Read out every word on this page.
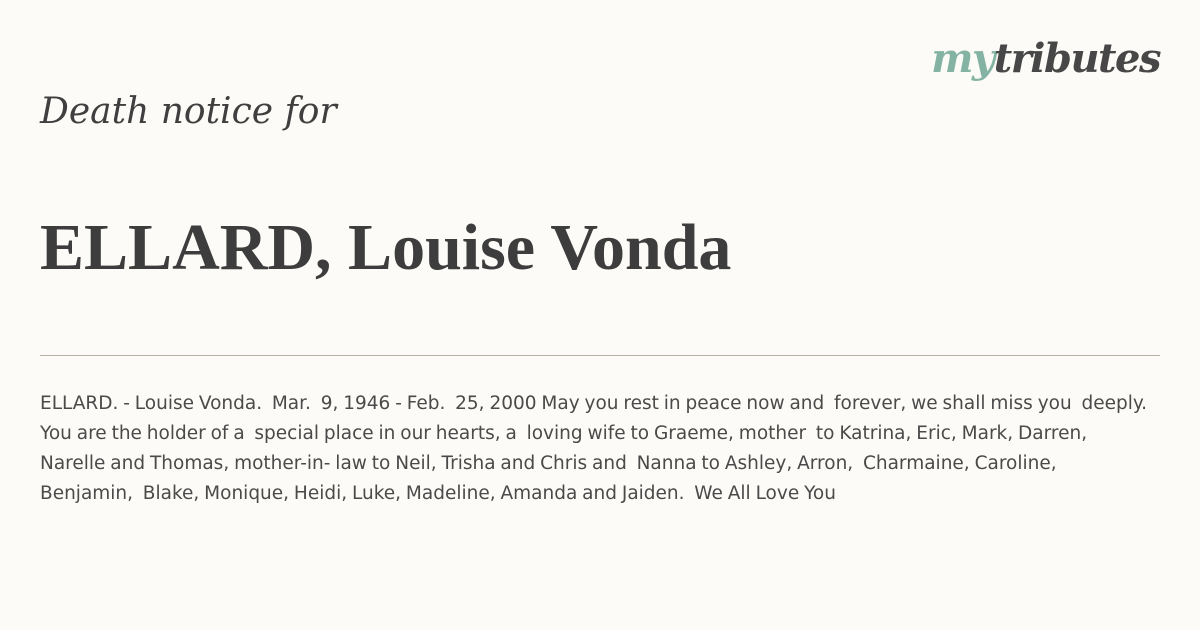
mytributes
Death notice for
ELLARD, Louise Vonda
ELLARD. - Louise Vonda.  Mar.  9, 1946 - Feb.  25, 2000 May you rest in peace now and  forever, we shall miss you  deeply.  You are the holder of a  special place in our hearts, a  loving wife to Graeme, mother  to Katrina, Eric, Mark, Darren,  Narelle and Thomas, mother-in- law to Neil, Trisha and Chris and  Nanna to Ashley, Arron,  Charmaine, Caroline, Benjamin,  Blake, Monique, Heidi, Luke, Madeline, Amanda and Jaiden.  We All Love You
